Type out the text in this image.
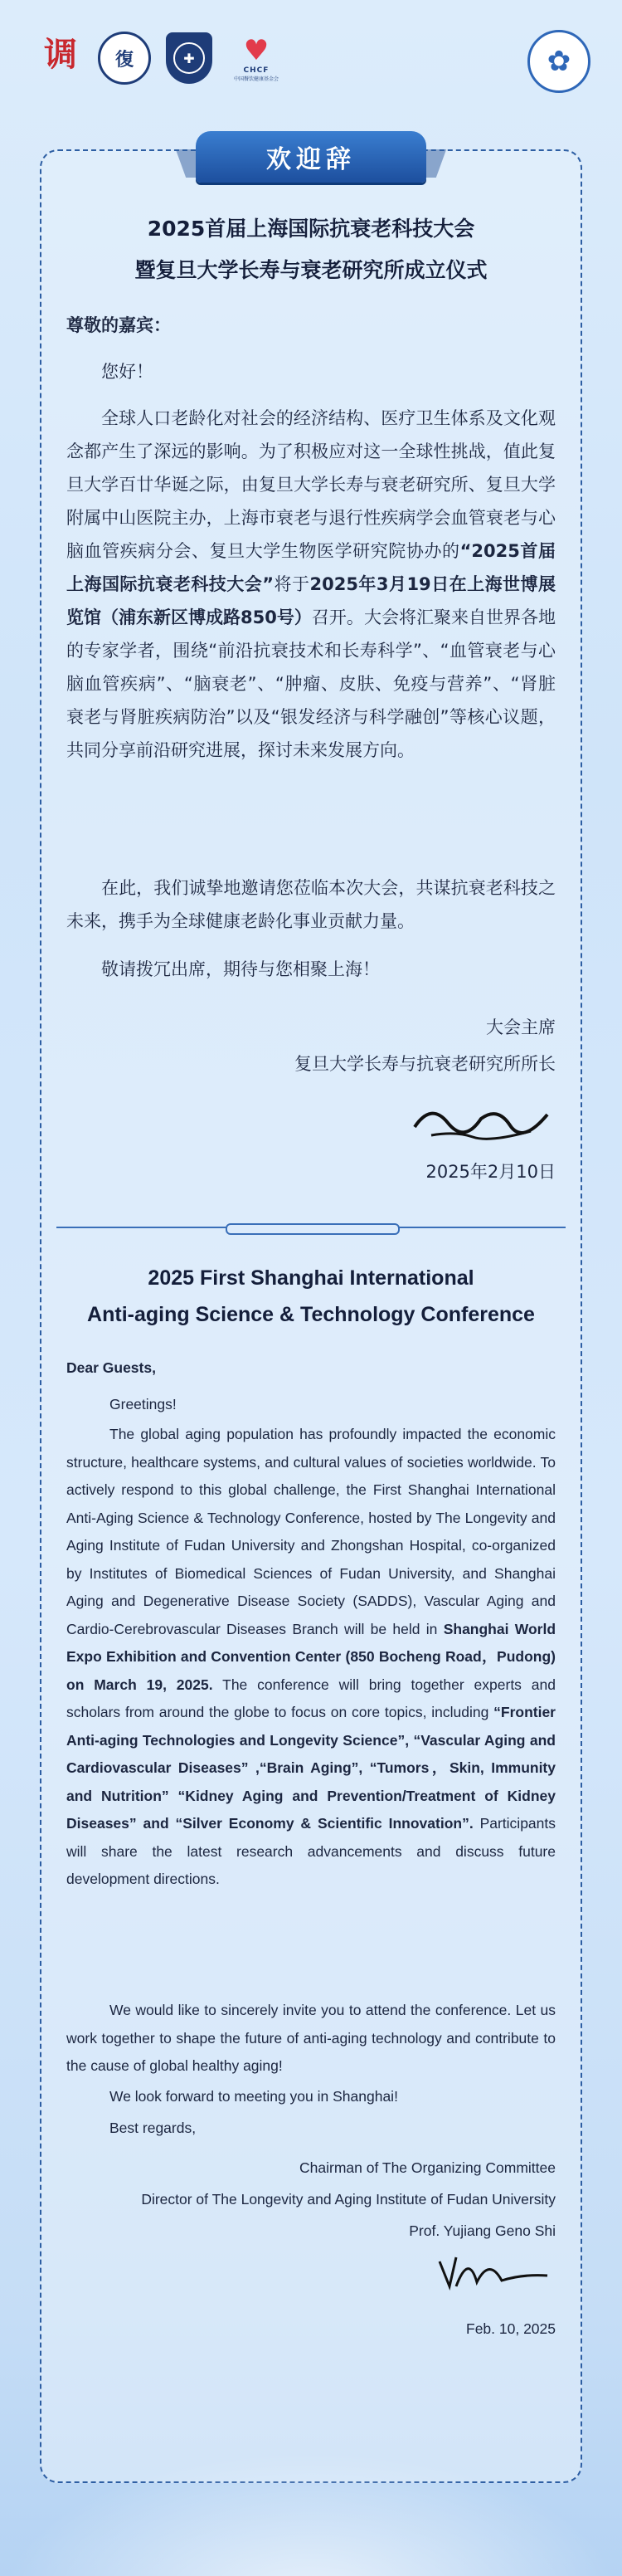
调
復	✚	♥
CHCF
中国餐饮健康基金会
✿
欢迎辞
2025首届上海国际抗衰老科技大会
暨复旦大学长寿与衰老研究所成立仪式
尊敬的嘉宾：
您好！
全球人口老龄化对社会的经济结构、医疗卫生体系及文化观念都产生了深远的影响。为了积极应对这一全球性挑战，值此复旦大学百廿华诞之际，由复旦大学长寿与衰老研究所、复旦大学附属中山医院主办，上海市衰老与退行性疾病学会血管衰老与心脑血管疾病分会、复旦大学生物医学研究院协办的“2025首届上海国际抗衰老科技大会”将于2025年3月19日在上海世博展览馆（浦东新区博成路850号）召开。大会将汇聚来自世界各地的专家学者，围绕“前沿抗衰技术和长寿科学”、“血管衰老与心脑血管疾病”、“脑衰老”、“肿瘤、皮肤、免疫与营养”、“肾脏衰老与肾脏疾病防治”以及“银发经济与科学融创”等核心议题，共同分享前沿研究进展，探讨未来发展方向。
在此，我们诚挚地邀请您莅临本次大会，共谋抗衰老科技之未来，携手为全球健康老龄化事业贡献力量。
敬请拨冗出席，期待与您相聚上海！
大会主席
复旦大学长寿与抗衰老研究所所长
2025年2月10日
2025 First Shanghai International
Anti-aging Science & Technology Conference
Dear Guests,
Greetings!
The global aging population has profoundly impacted the economic structure, healthcare systems, and cultural values of societies worldwide. To actively respond to this global challenge, the First Shanghai International Anti-Aging Science & Technology Conference, hosted by The Longevity and Aging Institute of Fudan University and Zhongshan Hospital, co-organized by Institutes of Biomedical Sciences of Fudan University, and Shanghai Aging and Degenerative Disease Society (SADDS), Vascular Aging and Cardio-Cerebrovascular Diseases Branch will be held in Shanghai World Expo Exhibition and Convention Center (850 Bocheng Road，Pudong) on March 19, 2025. The conference will bring together experts and scholars from around the globe to focus on core topics, including “Frontier Anti-aging Technologies and Longevity Science”, “Vascular Aging and Cardiovascular Diseases” ,“Brain Aging”, “Tumors，Skin, Immunity and Nutrition” “Kidney Aging and Prevention/Treatment of Kidney Diseases” and “Silver Economy & Scientific Innovation”. Participants will share the latest research advancements and discuss future development directions.
We would like to sincerely invite you to attend the conference. Let us work together to shape the future of anti-aging technology and contribute to the cause of global healthy aging!
We look forward to meeting you in Shanghai!
Best regards,
Chairman of The Organizing Committee
Director of The Longevity and Aging Institute of Fudan University
Prof. Yujiang Geno Shi
Feb. 10, 2025
